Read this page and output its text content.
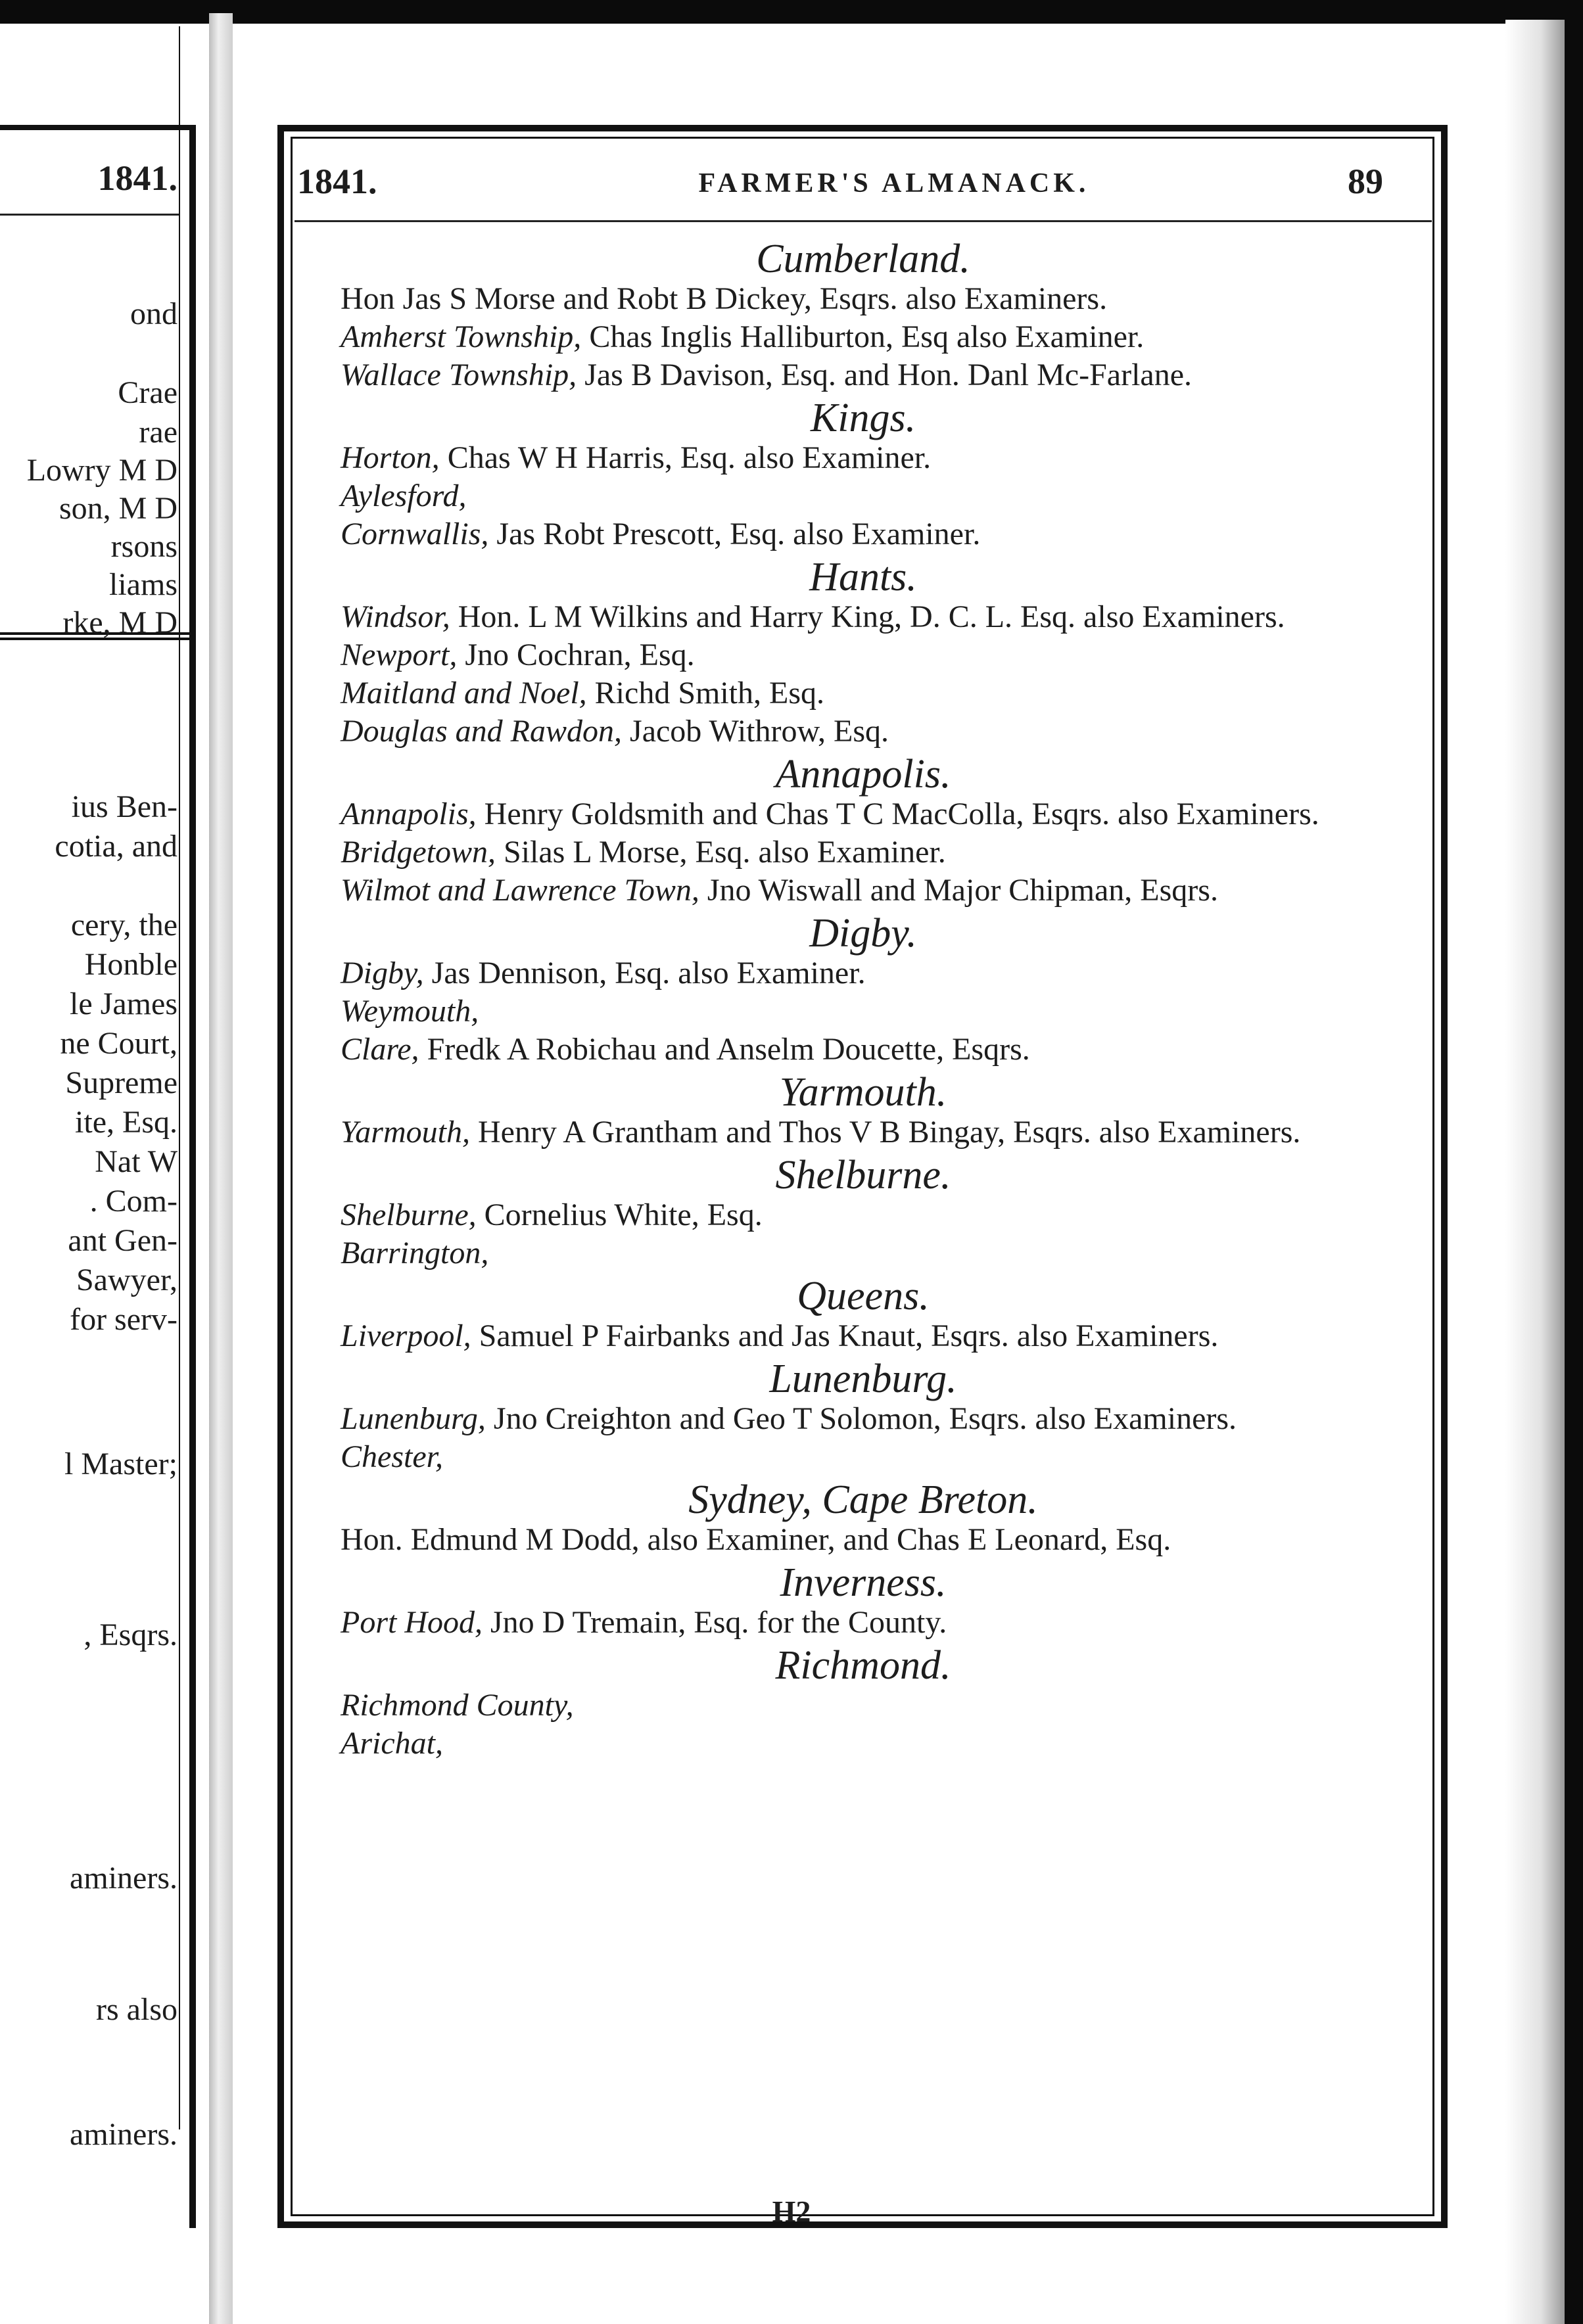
1841.
ond
Crae
rae
Lowry M D
son, M D
rsons
liams
rke, M D
ius Ben-
cotia, and
cery, the
Honble
le James
ne Court,
Supreme
ite, Esq.
Nat W
. Com-
ant Gen-
Sawyer,
for serv-
l Master;
, Esqrs.
aminers.
rs also
aminers.
1841.	FARMER'S ALMANACK.	89
Cumberland.

Hon Jas S Morse and Robt B Dickey, Esqrs. also Examiners.

Amherst Township, Chas Inglis Halliburton, Esq also Examiner.

Wallace Township, Jas B Davison, Esq. and Hon. Danl Mc-Farlane.

Kings.

Horton, Chas W H Harris, Esq. also Examiner.

Aylesford,

Cornwallis, Jas Robt Prescott, Esq. also Examiner.

Hants.

Windsor, Hon. L M Wilkins and Harry King, D. C. L. Esq. also Examiners.

Newport, Jno Cochran, Esq.

Maitland and Noel, Richd Smith, Esq.

Douglas and Rawdon, Jacob Withrow, Esq.

Annapolis.

Annapolis, Henry Goldsmith and Chas T C MacColla, Esqrs. also Examiners.

Bridgetown, Silas L Morse, Esq. also Examiner.

Wilmot and Lawrence Town, Jno Wiswall and Major Chipman, Esqrs.

Digby.

Digby, Jas Dennison, Esq. also Examiner.

Weymouth,

Clare, Fredk A Robichau and Anselm Doucette, Esqrs.

Yarmouth.

Yarmouth, Henry A Grantham and Thos V B Bingay, Esqrs. also Examiners.

Shelburne.

Shelburne, Cornelius White, Esq.

Barrington,

Queens.

Liverpool, Samuel P Fairbanks and Jas Knaut, Esqrs. also Examiners.

Lunenburg.

Lunenburg, Jno Creighton and Geo T Solomon, Esqrs. also Examiners.

Chester,

Sydney, Cape Breton.

Hon. Edmund M Dodd, also Examiner, and Chas E Leonard, Esq.

Inverness.

Port Hood, Jno D Tremain, Esq. for the County.

Richmond.

Richmond County,

Arichat,

H2
